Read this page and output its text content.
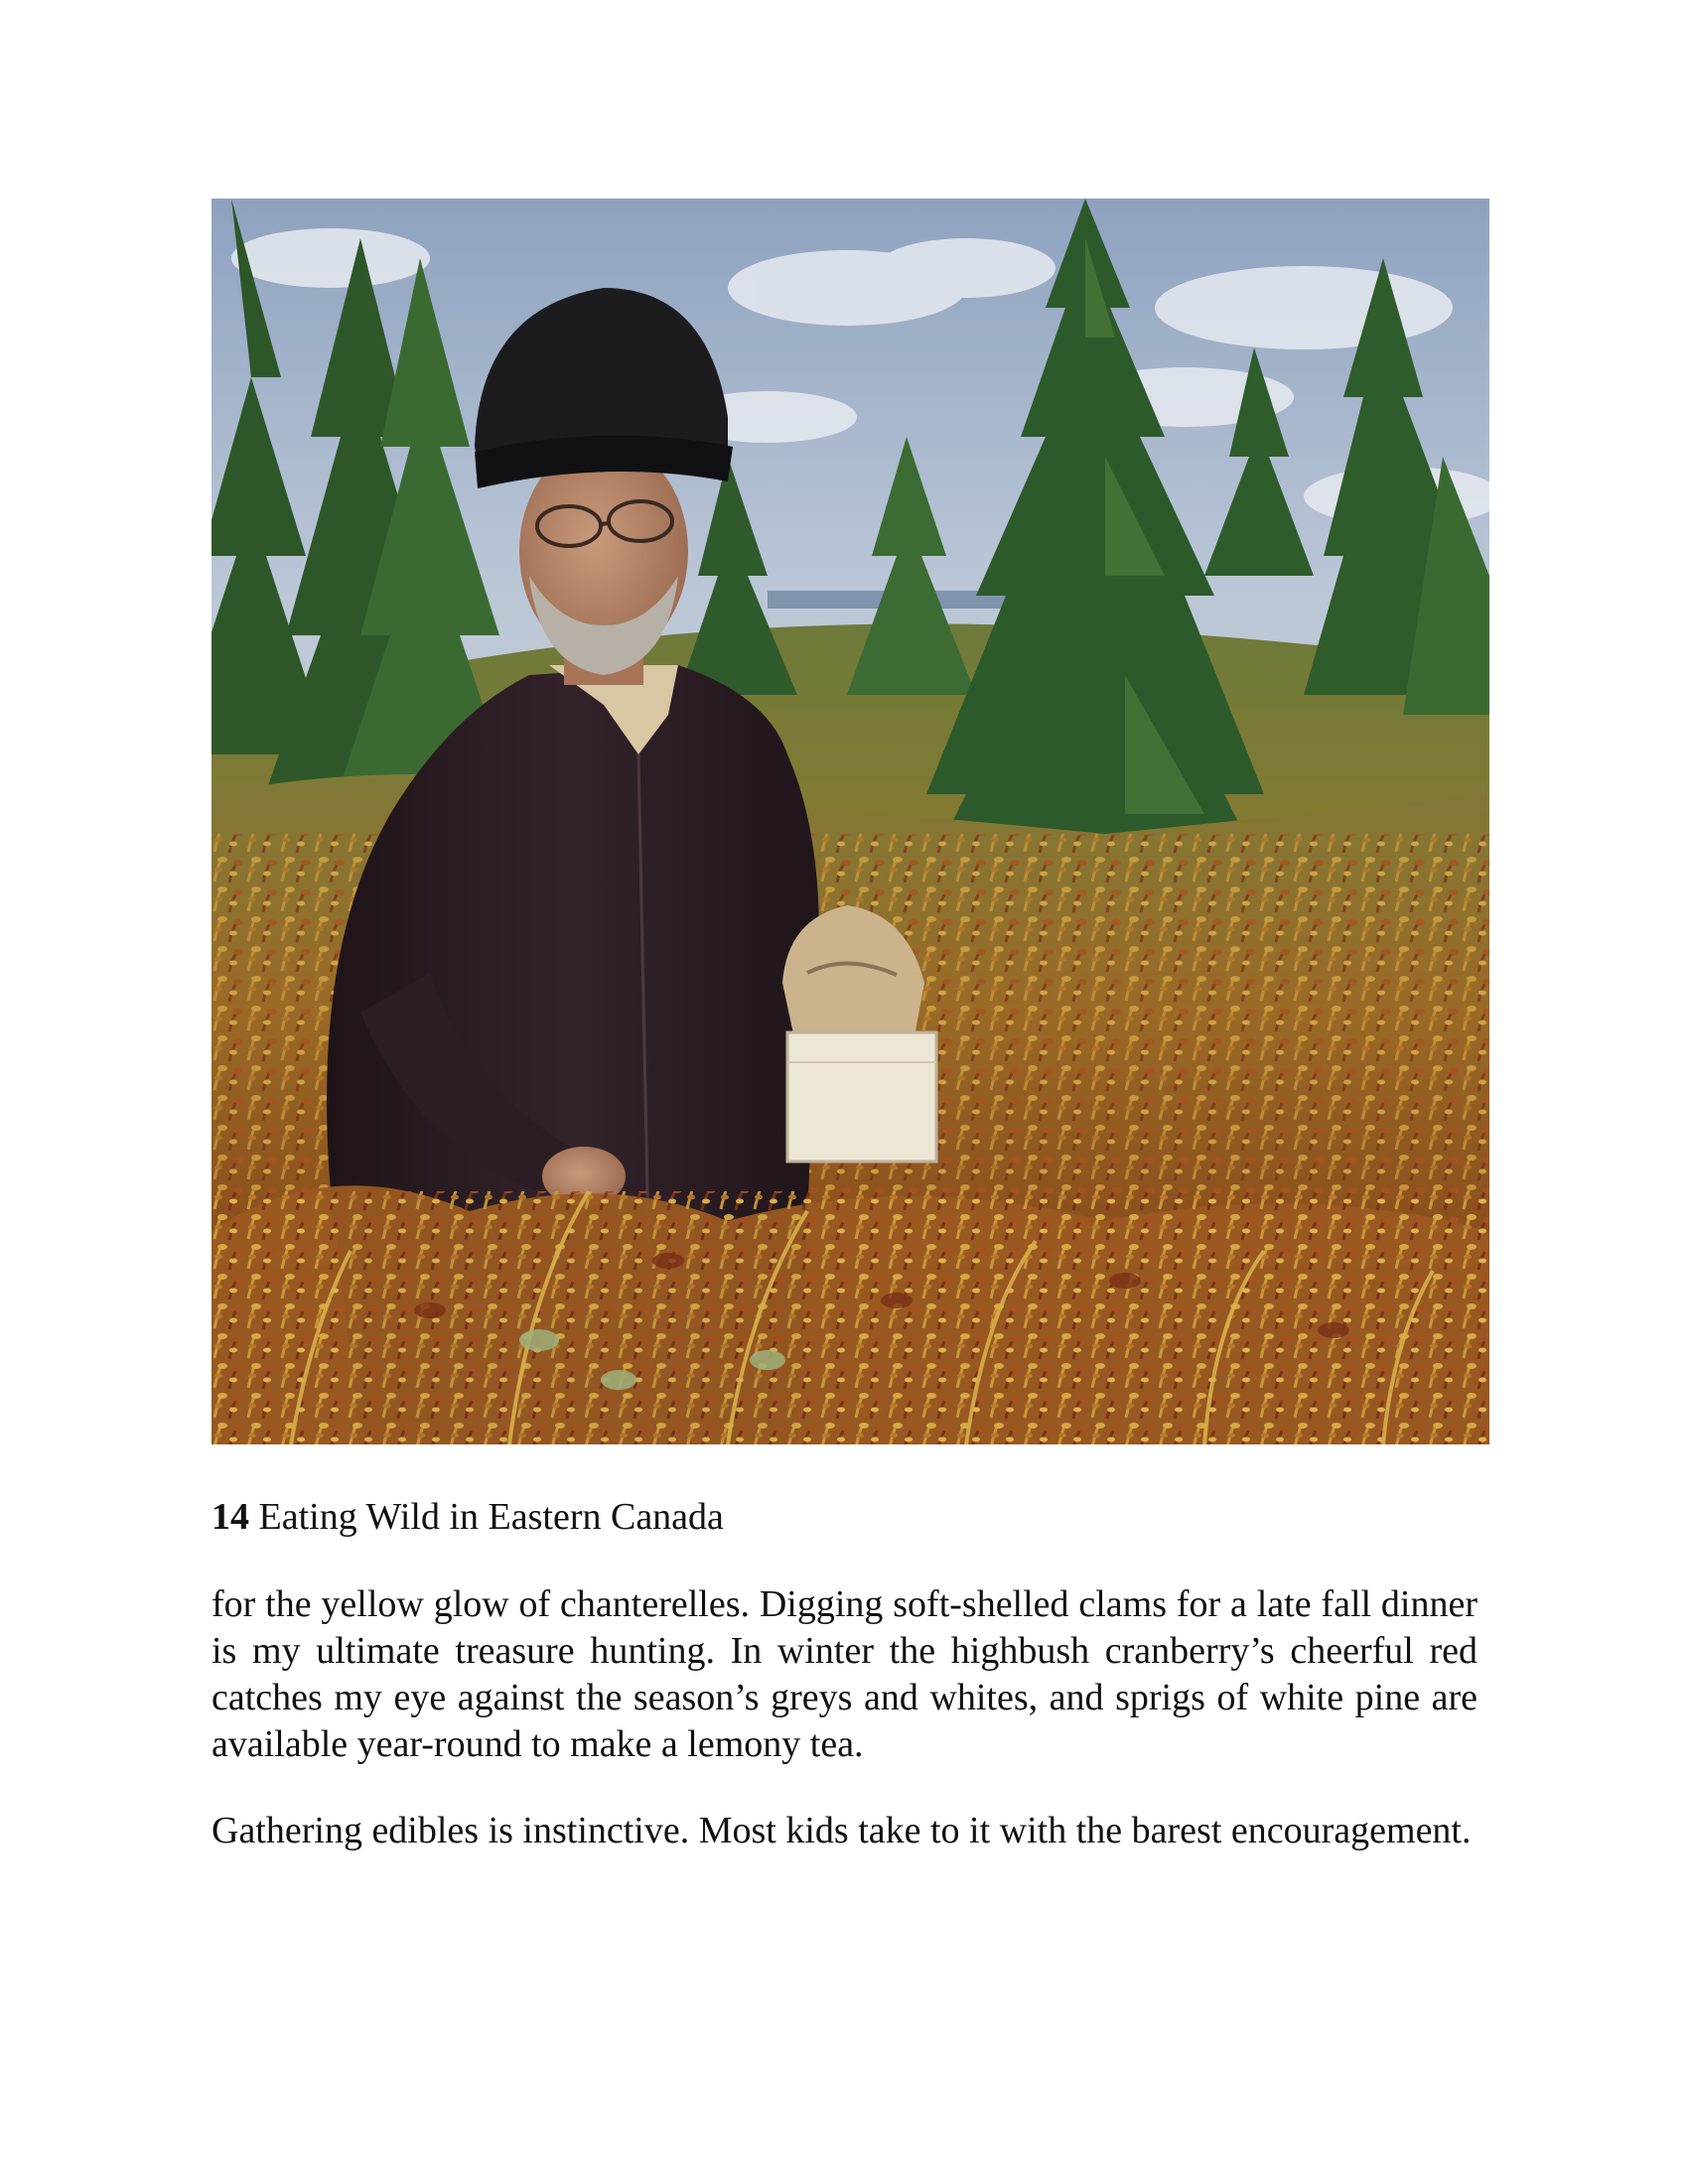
14 Eating Wild in Eastern Canada

for the yellow glow of chanterelles. Digging soft-shelled clams for a late fall dinner is my ultimate treasure hunting. In winter the highbush cranberry’s cheerful red catches my eye against the season’s greys and whites, and sprigs of white pine are available year-round to make a lemony tea.

Gathering edibles is instinctive. Most kids take to it with the barest encouragement.
